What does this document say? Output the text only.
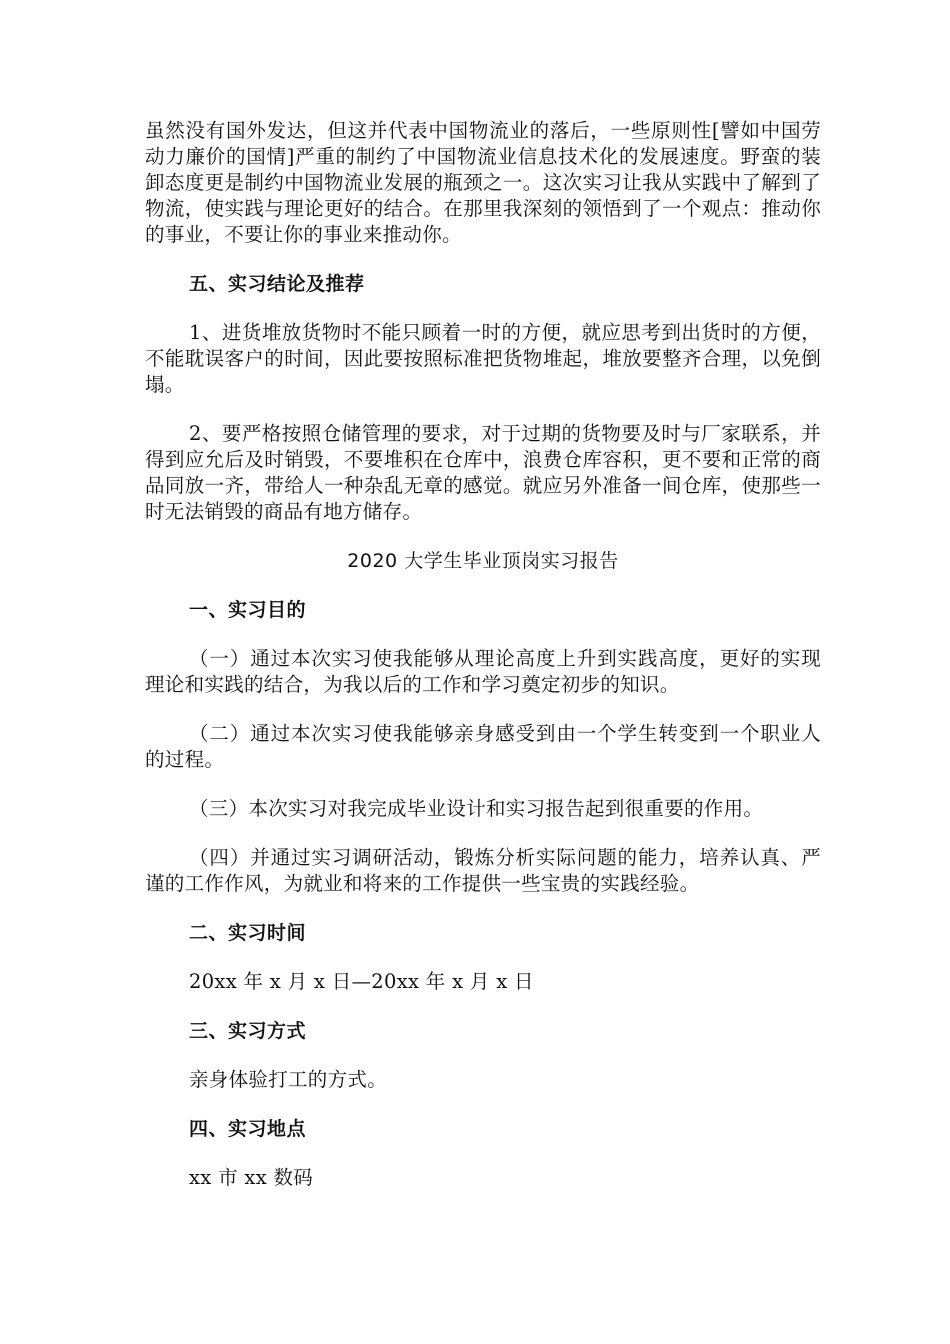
虽然没有国外发达，但这并代表中国物流业的落后，一些原则性[譬如中国劳动力廉价的国情]严重的制约了中国物流业信息技术化的发展速度。野蛮的装卸态度更是制约中国物流业发展的瓶颈之一。这次实习让我从实践中了解到了物流，使实践与理论更好的结合。在那里我深刻的领悟到了一个观点：推动你的事业，不要让你的事业来推动你。

五、实习结论及推荐

1、进货堆放货物时不能只顾着一时的方便，就应思考到出货时的方便，不能耽误客户的时间，因此要按照标准把货物堆起，堆放要整齐合理，以免倒塌。

2、要严格按照仓储管理的要求，对于过期的货物要及时与厂家联系，并得到应允后及时销毁，不要堆积在仓库中，浪费仓库容积，更不要和正常的商品同放一齐，带给人一种杂乱无章的感觉。就应另外准备一间仓库，使那些一时无法销毁的商品有地方储存。

2020 大学生毕业顶岗实习报告
一、实习目的

（一）通过本次实习使我能够从理论高度上升到实践高度，更好的实现理论和实践的结合，为我以后的工作和学习奠定初步的知识。

（二）通过本次实习使我能够亲身感受到由一个学生转变到一个职业人的过程。

（三）本次实习对我完成毕业设计和实习报告起到很重要的作用。

（四）并通过实习调研活动，锻炼分析实际问题的能力，培养认真、严谨的工作作风，为就业和将来的工作提供一些宝贵的实践经验。

二、实习时间

20xx 年 x 月 x 日—20xx 年 x 月 x 日

三、实习方式

亲身体验打工的方式。

四、实习地点

xx 市 xx 数码
